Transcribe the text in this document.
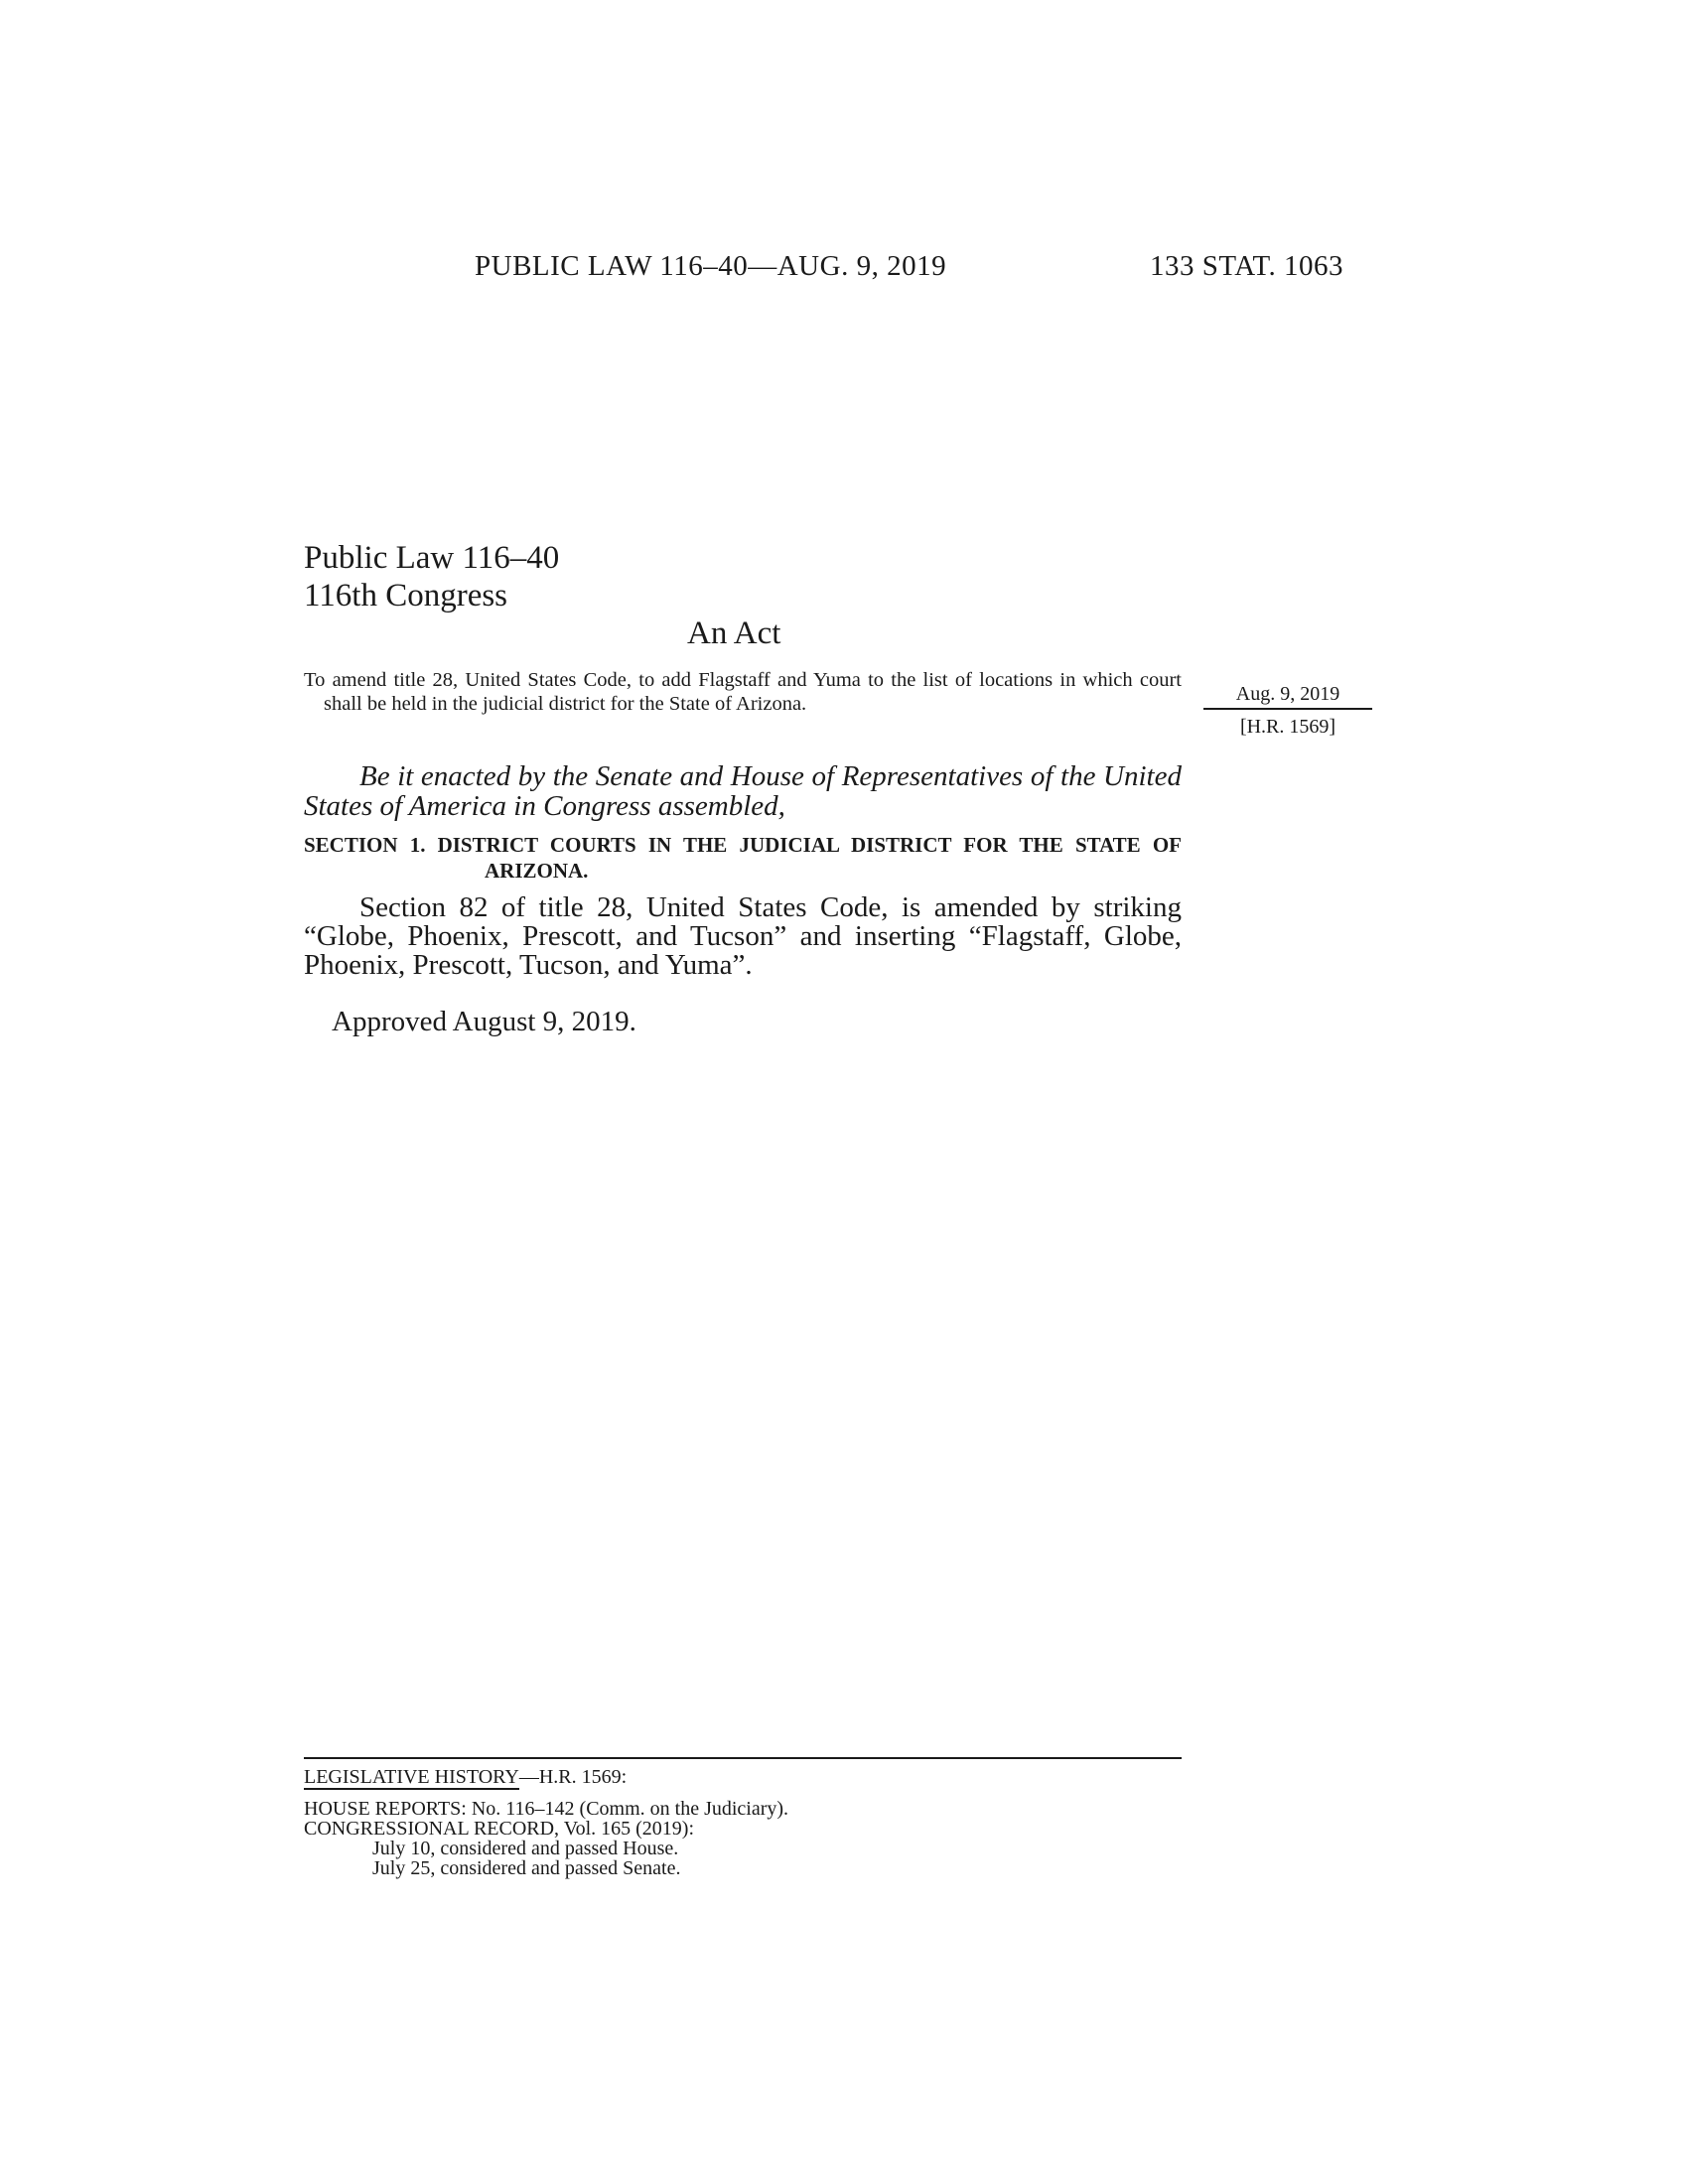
PUBLIC LAW 116–40—AUG. 9, 2019	133 STAT. 1063
Public Law 116–40
116th Congress
An Act

To amend title 28, United States Code, to add Flagstaff and Yuma to the list of locations in which court shall be held in the judicial district for the State of Arizona.	Aug. 9, 2019
[H.R. 1569]

Be it enacted by the Senate and House of Representatives of the United States of America in Congress assembled,

SECTION 1. DISTRICT COURTS IN THE JUDICIAL DISTRICT FOR THE STATE OF ARIZONA.

Section 82 of title 28, United States Code, is amended by striking “Globe, Phoenix, Prescott, and Tucson” and inserting “Flagstaff, Globe, Phoenix, Prescott, Tucson, and Yuma”.

Approved August 9, 2019.
LEGISLATIVE HISTORY—H.R. 1569:
HOUSE REPORTS: No. 116–142 (Comm. on the Judiciary).
CONGRESSIONAL RECORD, Vol. 165 (2019):
July 10, considered and passed House.
July 25, considered and passed Senate.
